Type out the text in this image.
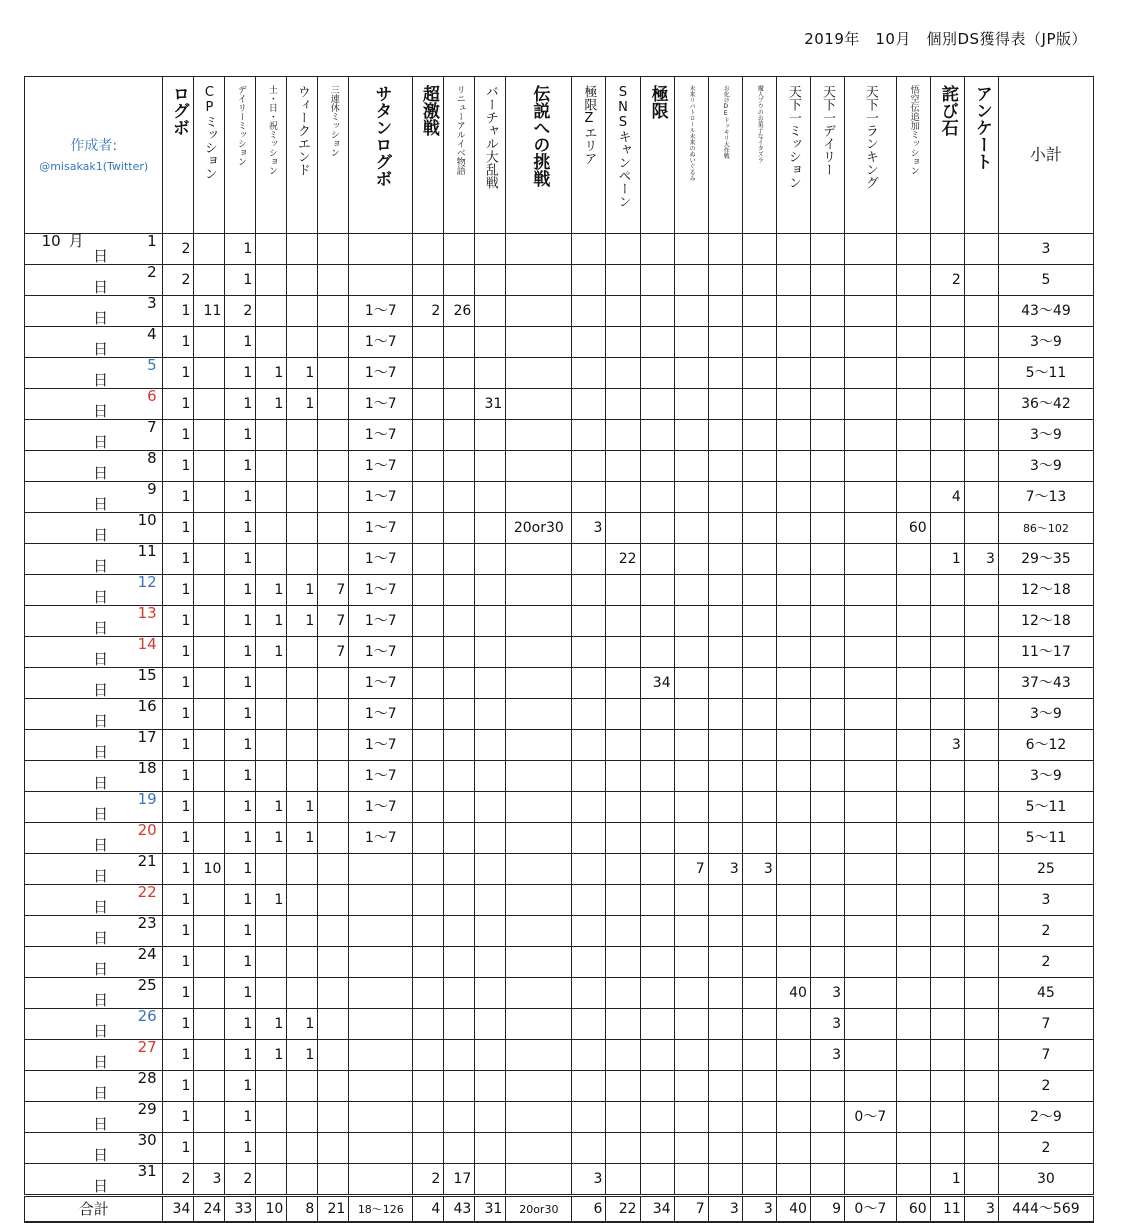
2019年　10月　個別DS獲得表（JP版）
作成者:
@misakak1(Twitter)	ログボ	CPミッション	デイリーミッション	土・日・祝ミッション	ウィークエンド	三連休ミッション	サタンログボ	超激戦	リニューアルイベ物語	バーチャル大乱戦	伝説への挑戦	極限Zエリア	SNSキャンペーン	極限	未来リパトロール未来のぬいぐるみ	お化けDEドッキリ大作戦	魔人ブウのお菓子なイタズラ	天下一ミッション	天下一デイリー	天下一ランキング	悟空伝追加ミッション	詫び石	アンケート	小計
10 月 1日	2		1																					3
2日	2		1																			2		5
3日	1	11	2				1～7	2	26															43～49
4日	1		1				1～7																	3～9
5日	1		1	1	1		1～7																	5～11
6日	1		1	1	1		1～7			31														36～42
7日	1		1				1～7																	3～9
8日	1		1				1～7																	3～9
9日	1		1				1～7															4		7～13
10日	1		1				1～7				20or30	3									60			86～102
11日	1		1				1～7						22									1	3	29～35
12日	1		1	1	1	7	1～7																	12～18
13日	1		1	1	1	7	1～7																	12～18
14日	1		1	1		7	1～7																	11～17
15日	1		1				1～7							34										37～43
16日	1		1				1～7																	3～9
17日	1		1				1～7															3		6～12
18日	1		1				1～7																	3～9
19日	1		1	1	1		1～7																	5～11
20日	1		1	1	1		1～7																	5～11
21日	1	10	1												7	3	3							25
22日	1		1	1																				3
23日	1		1																					2
24日	1		1																					2
25日	1		1															40	3					45
26日	1		1	1	1														3					7
27日	1		1	1	1														3					7
28日	1		1																					2
29日	1		1																	0～7				2～9
30日	1		1																					2
31日	2	3	2					2	17			3										1		30
合計	34	24	33	10	8	21	18～126	4	43	31	20or30	6	22	34	7	3	3	40	9	0～7	60	11	3	444～569
